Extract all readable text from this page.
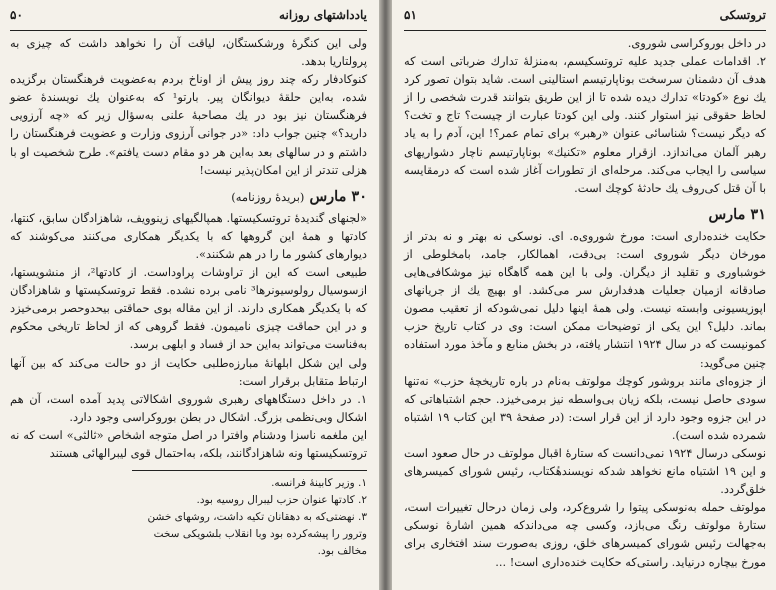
یادداشتهای روزانه
۵۰

ولی این کنگرهٔ ورشکستگان، لیاقت آن را نخواهد داشت که چیزی به پرولتاریا بدهد.

کنوکادفار رکه چند روز پیش از اوناخ بردم به‌عضویت فرهنگستان برگزیده شده، به‌این حلقهٔ دیوانگان پیر. بارتو¹ که به‌عنوان یك نویسندهٔ عضو فرهنگستان نیز بود در یك مصاحبهٔ علنی به‌سؤال زیر که «چه آرزویی دارید؟» چنین جواب داد: «در جوانی آرزوی وزارت و عضویت فرهنگستان را داشتم و در سالهای بعد به‌این هر دو مقام دست یافتم». طرح شخصیت او با هزلی تندتر از این امکان‌پذیر نیست!

۳۰ مارس (بریدهٔ روزنامه)

«لجنهای گندیدهٔ تروتسکیستها. همپالگیهای زینوویف، شاهزادگان سابق، کنتها، کادتها و همهٔ این گروهها که با یکدیگر همکاری می‌کنند می‌کوشند که دیوارهای کشور ما را در هم شکنند».

طبیعی است که این از تراوشات پراوداست. از کادتها²، از منشویستها، ازسوسیال رولوسیونرها³ نامی برده نشده. فقط تروتسکیستها و شاهزادگان که با یکدیگر همکاری دارند. از این مقاله بوی حماقتی بیحدوحصر برمی‌خیزد و در این حماقت چیزی نامیمون. فقط گروهی که از لحاظ تاریخی محکوم به‌فناست می‌تواند به‌این حد از فساد و ابلهی برسد.

ولی این شکل ابلهانهٔ مبارزه‌طلبی حکایت از دو حالت می‌کند که بین آنها ارتباط متقابل برقرار است:

۱. در داخل دستگاههای رهبری شوروی اشکالاتی پدید آمده است، آن هم اشکال وبی‌نظمی بزرگ. اشکال در بطن بوروکراسی وجود دارد.

این ملغمه ناسزا ودشنام وافترا در اصل متوجه اشخاص «ثالثی» است که نه تروتسکیستها ونه شاهزادگانند، بلکه، به‌احتمال قوی لیبرالهائی هستند

۱. وزیر کابینهٔ فرانسه.

۲. کادتها عنوان حزب لیبرال روسیه بود.

۳. نهضتی‌که به دهقانان تکیه داشت، روشهای خشن وترور را پیشه‌کرده بود وبا انقلاب بلشویکی سخت مخالف بود.

تروتسکی
۵۱

در داخل بوروکراسی شوروی.

۲. اقدامات عملی جدید علیه تروتسکیسم، به‌منزلهٔ تدارك ضرباتی است که هدف آن دشمنان سرسخت بوناپارتیسم استالینی است. شاید بتوان تصور کرد یك نوع «کودتا» تدارك دیده شده تا از این طریق بتوانند قدرت شخصی را از لحاظ حقوقی نیز استوار کنند. ولی این کودتا عبارت از چیست؟ تاج و تخت؟که دیگر نیست؟ شناسائی عنوان «رهبر» برای تمام عمر؟! این، آدم را به یاد رهبر آلمان می‌اندازد. ازقرار معلوم «تکنیك» بوناپارتیسم ناچار دشواریهای سیاسی را ایجاب می‌کند. مرحله‌ای از تطورات آغاز شده است که درمقایسه با آن قتل کی‌روف یك حادثهٔ کوچك است.

۳۱ مارس

حکایت خنده‌داری است: مورخ شوروی‌ه. ای. نوسکی نه بهتر و نه بدتر از مورخان دیگر شوروی است: بی‌دقت، اهمالکار، جامد، بامخلوطی از خوشباوری و تقلید از دیگران. ولی با این همه گاهگاه نیز موشکافی‌هایی صادقانه ازمیان جعلیات هدفدارش سر می‌کشد. او بهیچ یك از جریانهای اپوزیسیونی وابسته نیست. ولی همهٔ اینها دلیل نمی‌شودکه از تعقیب مصون بماند. دلیل؟ این یکی از توضیحات ممکن است: وی در کتاب تاریخ حزب کمونیست که در سال ۱۹۲۴ انتشار یافته، در بخش منابع و مآخذ مورد استفاده چنین می‌گوید:

از جزوه‌ای مانند بروشور کوچك مولوتف به‌نام در باره تاریخچهٔ حزب» نه‌تنها سودی حاصل نیست، بلکه زیان بی‌واسطه نیز برمی‌خیزد. حجم اشتباهاتی که در این جزوه وجود دارد از این قرار است: (در صفحهٔ ۳۹ این کتاب ۱۹ اشتباه شمرده شده است).

نوسکی درسال ۱۹۲۴ نمی‌دانست که ستارهٔ اقبال مولوتف در حال صعود است و این ۱۹ اشتباه مانع نخواهد شدکه نویسندهٔکتاب، رئیس شورای کمیسرهای خلق‌گردد.

مولوتف حمله به‌نوسکی پیتوا را شروع‌کرد، ولی زمان درحال تغییرات است، ستارهٔ مولوتف رنگ می‌بازد، وکسی چه می‌داندکه همین اشارهٔ نوسکی به‌جهالت رئیس شورای کمیسرهای خلق، روزی به‌صورت سند افتخاری برای مورخ بیچاره درنیاید. راستی‌که حکایت خنده‌داری است! ...
